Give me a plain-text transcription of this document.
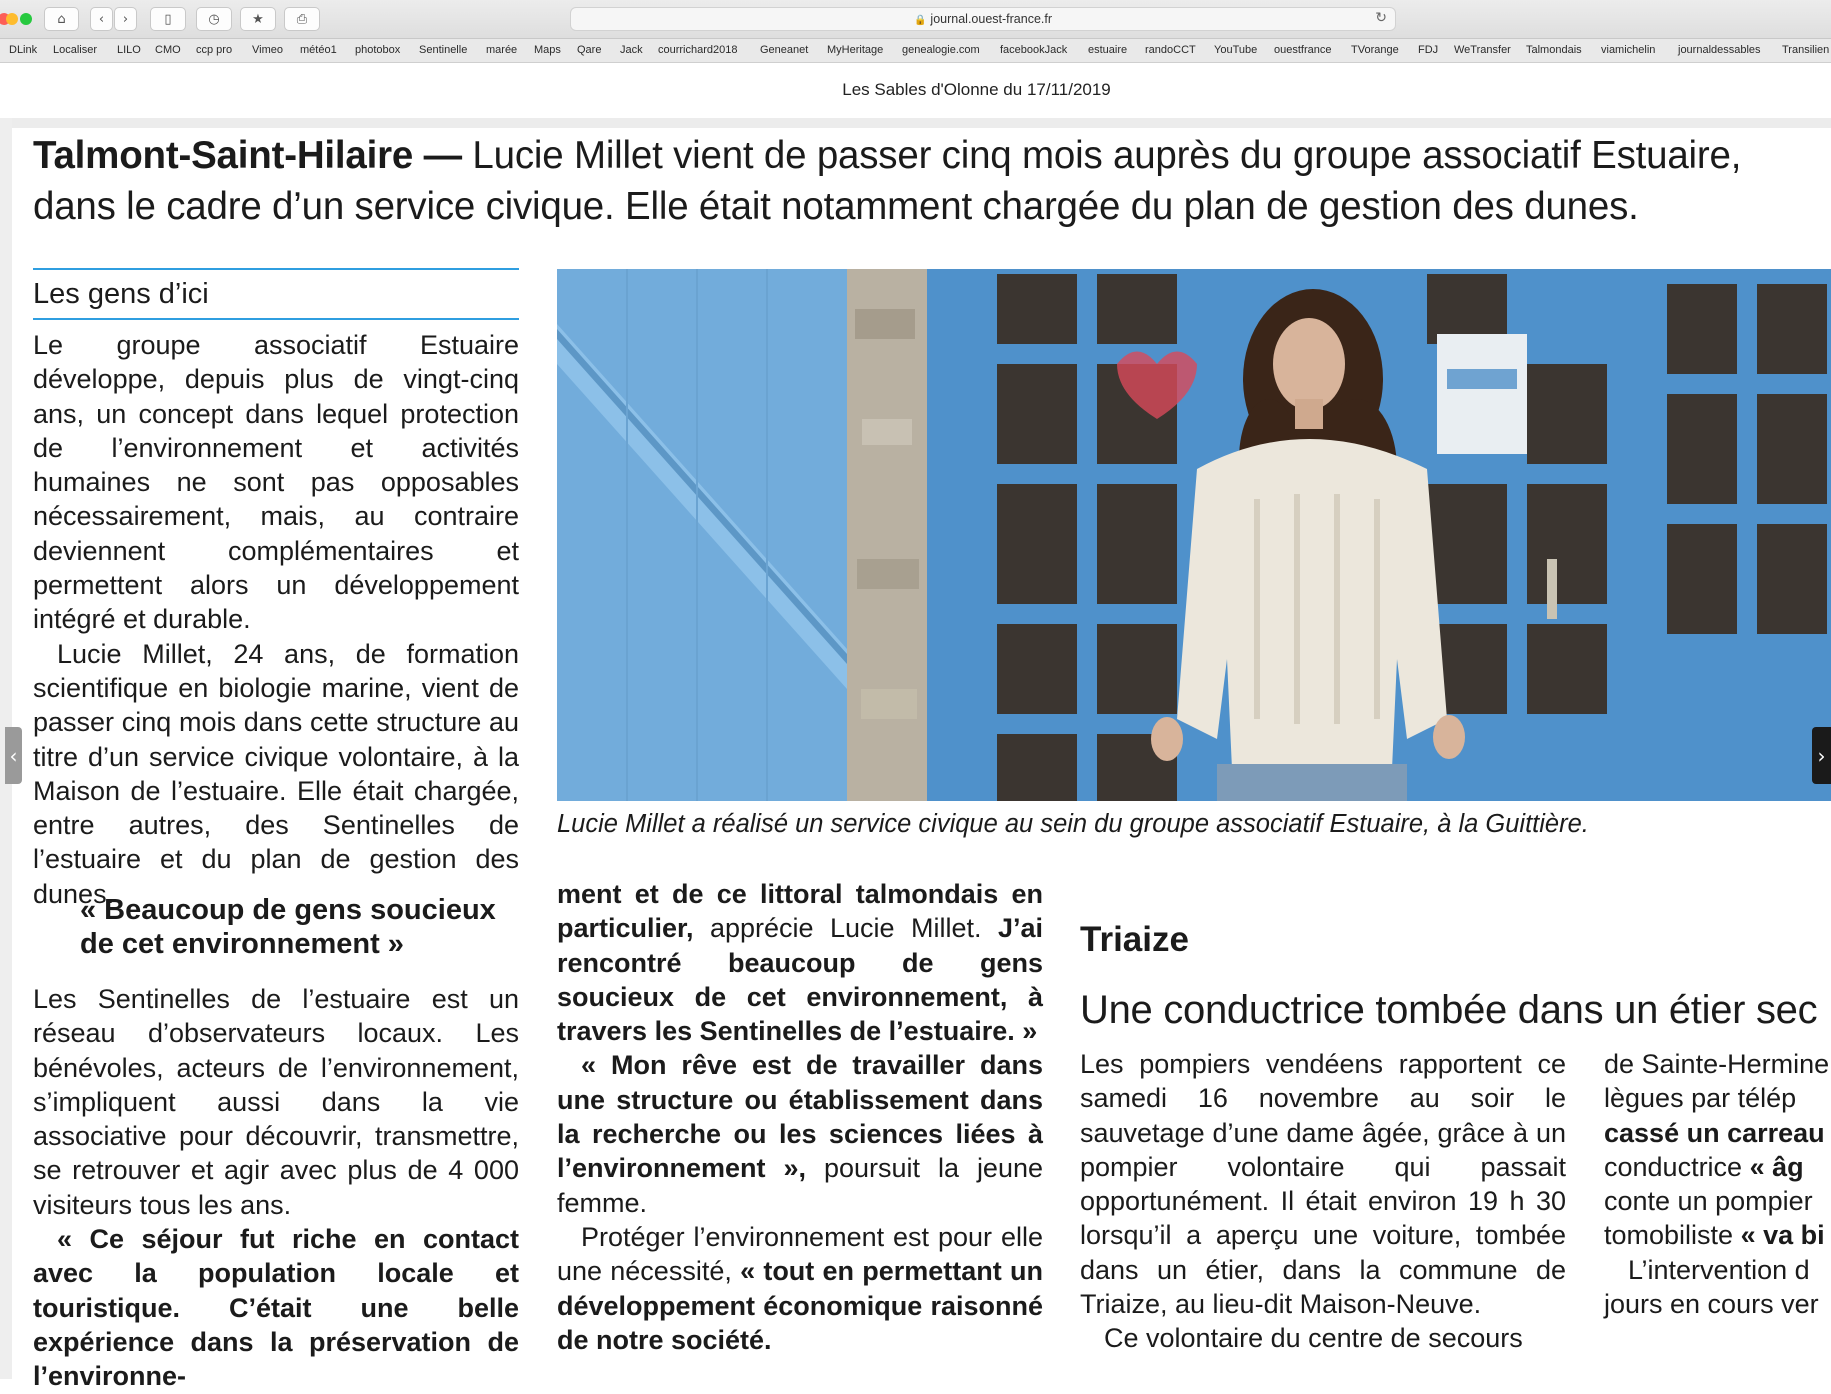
⌂	‹	›	▯	◷	★	⎙	🔒 journal.ouest-france.fr	↻
DLink Localiser LILO CMO ccp pro Vimeo météo1 photobox Sentinelle marée Maps Qare Jack courrichard2018 Geneanet MyHeritage genealogie.com facebookJack estuaire randoCCT YouTube ouestfrance TVorange FDJ WeTransfer Talmondais viamichelin journaldessables Transilien
Les Sables d'Olonne du 17/11/2019
Talmont-Saint-Hilaire — Lucie Millet vient de passer cinq mois auprès du groupe associatif Estuaire, dans le cadre d’un service civique. Elle était notamment chargée du plan de gestion des dunes.
Les gens d’ici

Le groupe associatif Estuaire développe, depuis plus de vingt-cinq ans, un concept dans lequel protection de l’environnement et activités humaines ne sont pas opposables nécessairement, mais, au contraire deviennent complémentaires et permettent alors un développement intégré et durable.

Lucie Millet, 24 ans, de formation scientifique en biologie marine, vient de passer cinq mois dans cette structure au titre d’un service civique volontaire, à la Maison de l’estuaire. Elle était chargée, entre autres, des Sentinelles de l’estuaire et du plan de gestion des dunes.

« Beaucoup de gens soucieux de cet environnement »

Les Sentinelles de l’estuaire est un réseau d’observateurs locaux. Les bénévoles, acteurs de l’environnement, s’impliquent aussi dans la vie associative pour découvrir, transmettre, se retrouver et agir avec plus de 4 000 visiteurs tous les ans.

« Ce séjour fut riche en contact avec la population locale et touristique. C’était une belle expérience dans la préservation de l’environne-

Lucie Millet a réalisé un service civique au sein du groupe associatif Estuaire, à la Guittière.
‹	›

ment et de ce littoral talmondais en particulier, apprécie Lucie Millet. J’ai rencontré beaucoup de gens soucieux de cet environnement, à travers les Sentinelles de l’estuaire. »

« Mon rêve est de travailler dans une structure ou établissement dans la recherche ou les sciences liées à l’environnement », poursuit la jeune femme.

Protéger l’environnement est pour elle une nécessité, « tout en permettant un développement économique raisonné de notre société.

Triaize
Une conductrice tombée dans un étier sec

Les pompiers vendéens rapportent ce samedi 16 novembre au soir le sauvetage d’une dame âgée, grâce à un pompier volontaire qui passait opportunément. Il était environ 19 h 30 lorsqu’il a aperçu une voiture, tombée dans un étier, dans la commune de Triaize, au lieu-dit Maison-Neuve.

Ce volontaire du centre de secours

de Sainte-Hermine
lègues par télép
cassé un carreau
conductrice « âg
conte un pompier
tomobiliste « va bi
L’intervention d
jours en cours ver
